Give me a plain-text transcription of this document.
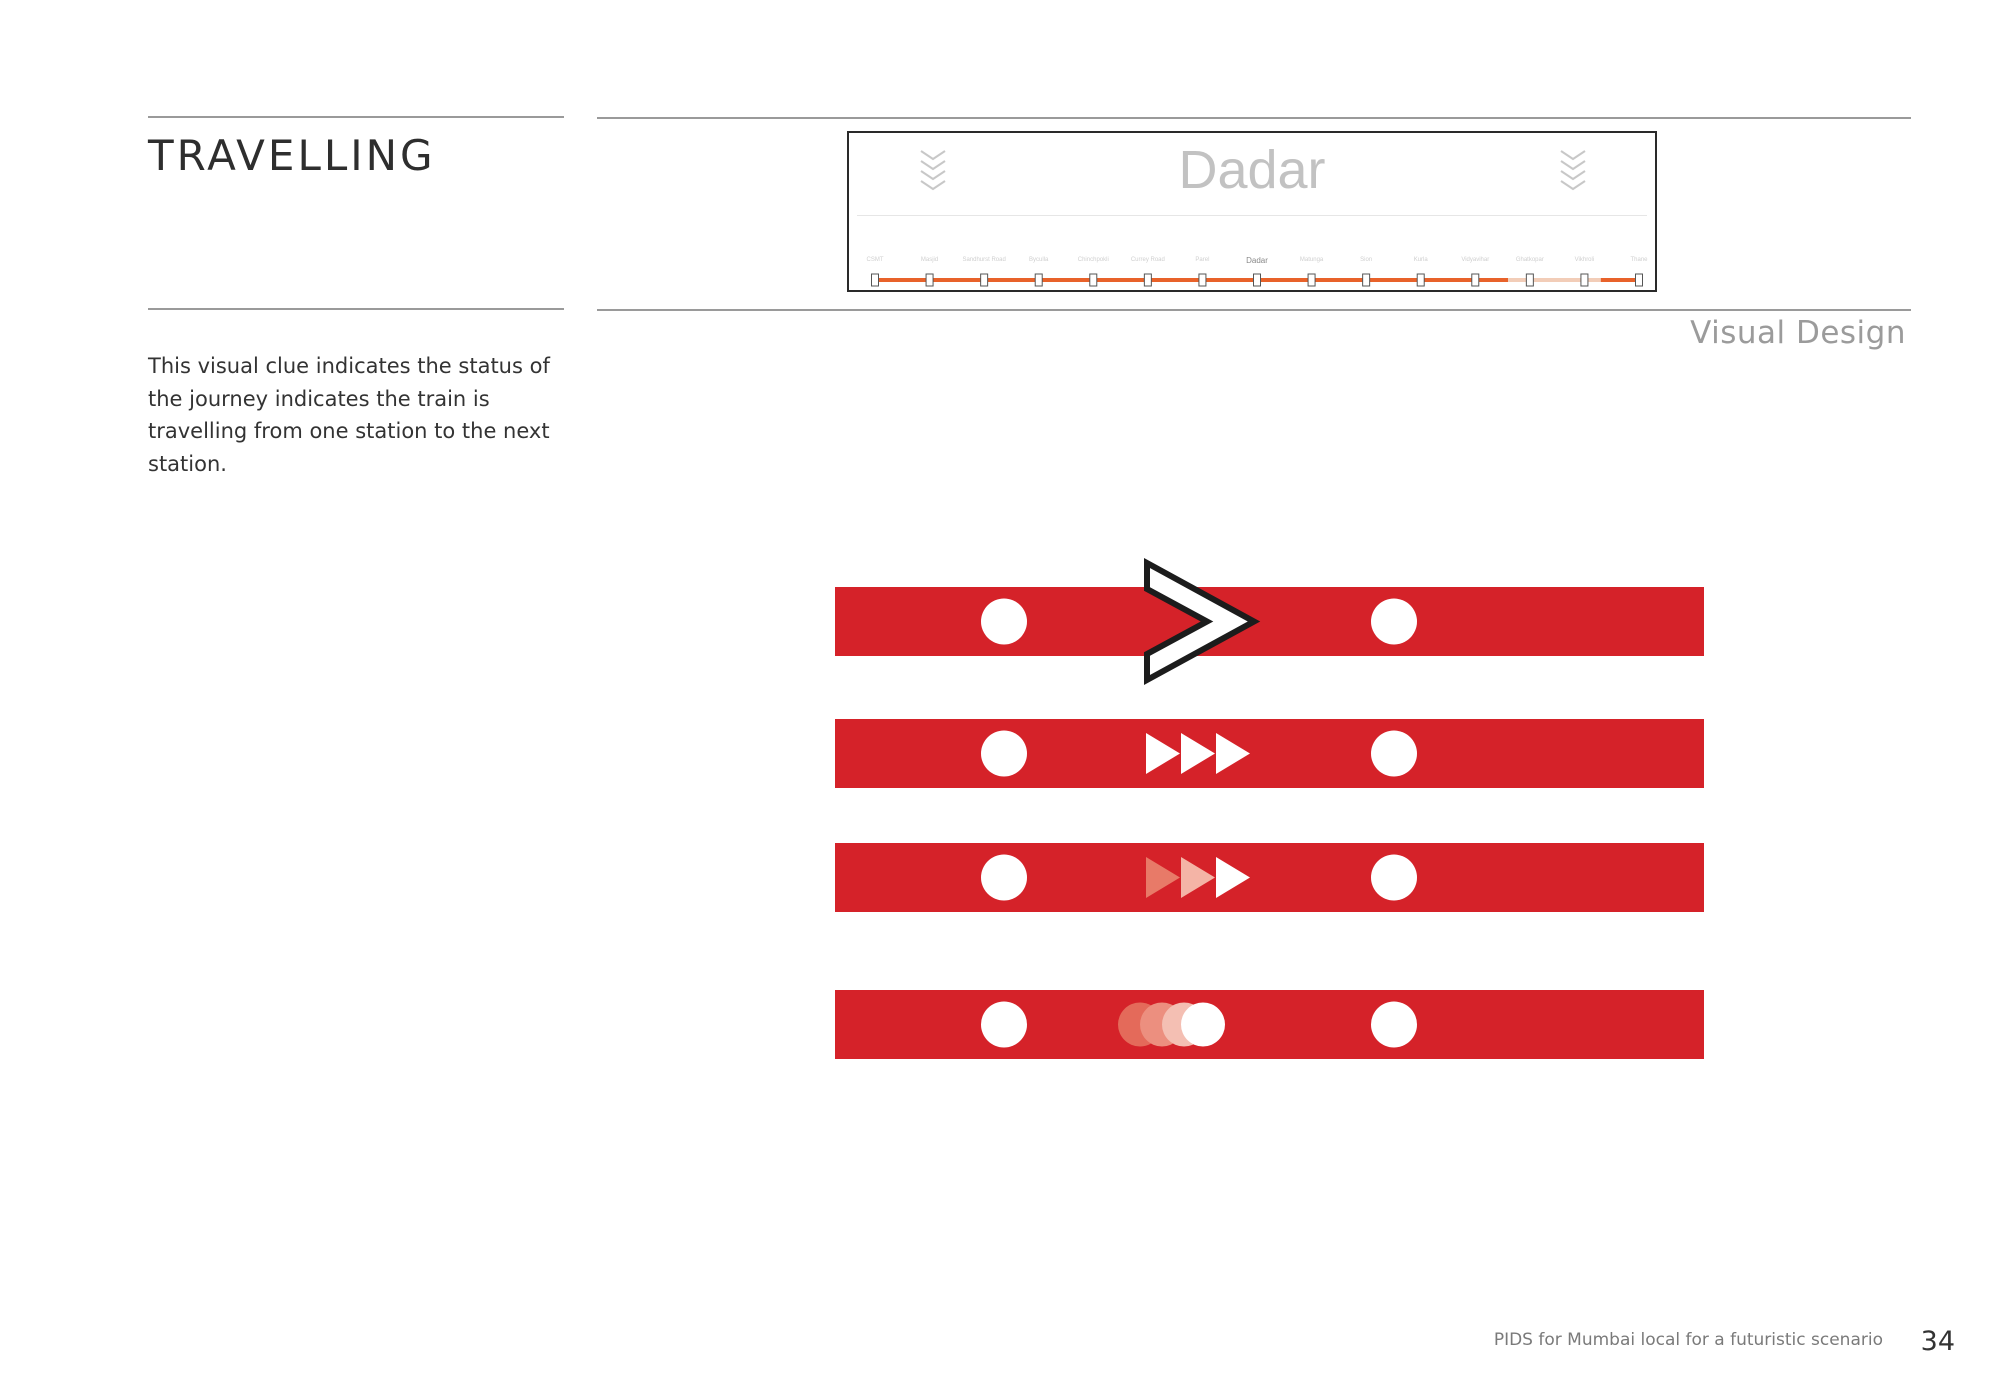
TRAVELLING

This visual clue indicates the status of the journey indicates the train is travelling from one station to the next station.

Visual Design
Dadar
CSMT	Masjid	Sandhurst Road	Byculla	Chinchpokli	Currey Road	Parel	Dadar	Matunga	Sion	Kurla	Vidyavihar	Ghatkopar	Vikhroli	Thane
PIDS for Mumbai local for a futuristic scenario 34
